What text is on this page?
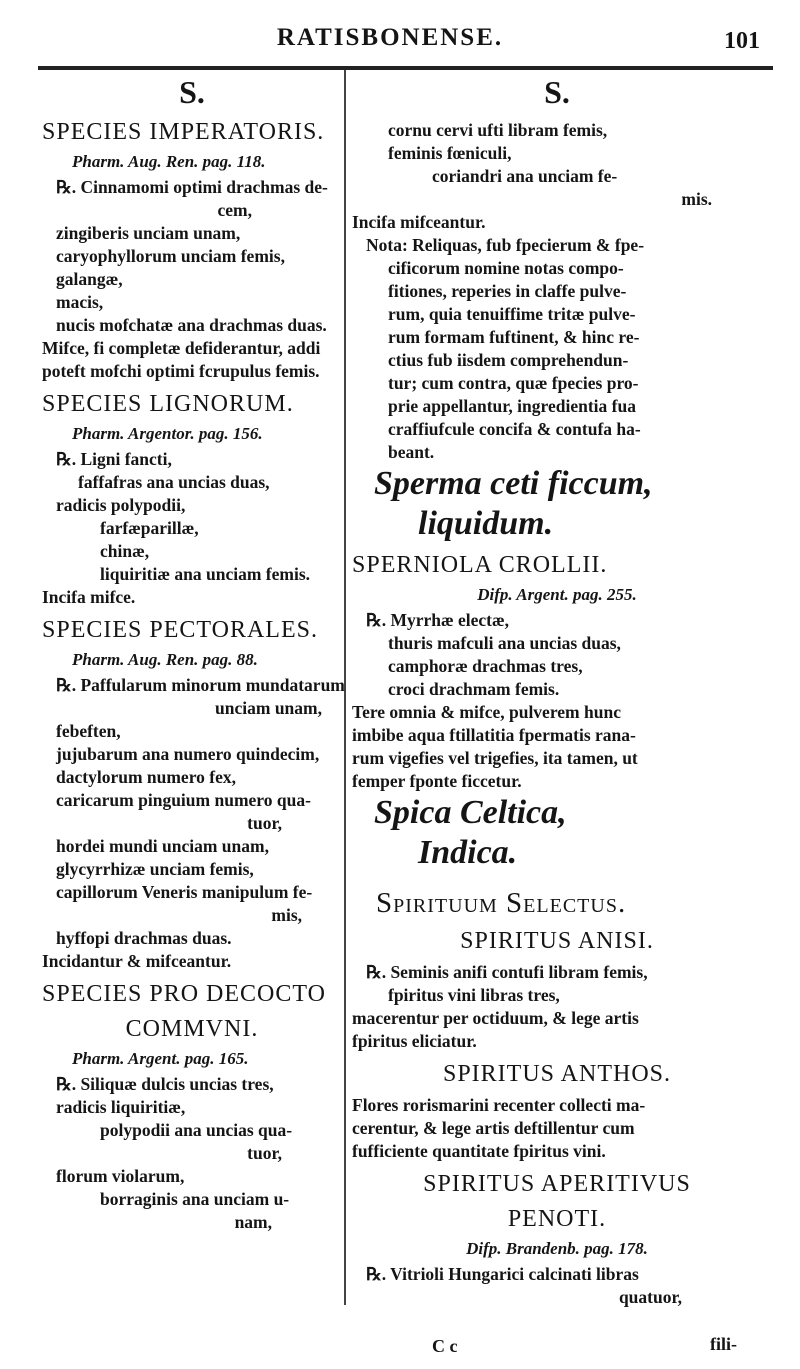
RATISBONENSE.	101
S.
SPECIES IMPERATORIS.
Pharm. Aug. Ren. pag. 118.
℞. Cinnamomi optimi drachmas de-
cem,
zingiberis unciam unam,
caryophyllorum unciam femis,
galangæ,
macis,
nucis mofchatæ ana drachmas duas.
Mifce, fi completæ defiderantur, addi
poteft mofchi optimi fcrupulus femis.
SPECIES LIGNORUM.
Pharm. Argentor. pag. 156.
℞. Ligni fancti,
faffafras ana uncias duas,
radicis polypodii,
farfæparillæ,
chinæ,
liquiritiæ ana unciam femis.
Incifa mifce.
SPECIES PECTORALES.
Pharm. Aug. Ren. pag. 88.
℞. Paffularum minorum mundatarum
unciam unam,
febeften,
jujubarum ana numero quindecim,
dactylorum numero fex,
caricarum pinguium numero qua-
tuor,
hordei mundi unciam unam,
glycyrrhizæ unciam femis,
capillorum Veneris manipulum fe-
mis,
hyffopi drachmas duas.
Incidantur & mifceantur.
SPECIES PRO DECOCTO
COMMVNI.
Pharm. Argent. pag. 165.
℞. Siliquæ dulcis uncias tres,
radicis liquiritiæ,
polypodii ana uncias qua-
tuor,
florum violarum,
borraginis ana unciam u-
nam,
S.
cornu cervi ufti libram femis,
feminis fœniculi,
coriandri ana unciam fe-
mis.
Incifa mifceantur.
Nota: Reliquas, fub fpecierum & fpe-
cificorum nomine notas compo-
fitiones, reperies in claffe pulve-
rum, quia tenuiffime tritæ pulve-
rum formam fuftinent, & hinc re-
ctius fub iisdem comprehendun-
tur; cum contra, quæ fpecies pro-
prie appellantur, ingredientia fua
craffiufcule concifa & contufa ha-
beant.
Sperma ceti ficcum,
liquidum.
SPERNIOLA CROLLII.
Difp. Argent. pag. 255.
℞. Myrrhæ electæ,
thuris mafculi ana uncias duas,
camphoræ drachmas tres,
croci drachmam femis.
Tere omnia & mifce, pulverem hunc
imbibe aqua ftillatitia fpermatis rana-
rum vigefies vel trigefies, ita tamen, ut
femper fponte ficcetur.
Spica Celtica,
Indica.
Spirituum Selectus.
SPIRITUS ANISI.
℞. Seminis anifi contufi libram femis,
fpiritus vini libras tres,
macerentur per octiduum, & lege artis
fpiritus eliciatur.
SPIRITUS ANTHOS.
Flores rorismarini recenter collecti ma-
cerentur, & lege artis deftillentur cum
fufficiente quantitate fpiritus vini.
SPIRITUS APERITIVUS
PENOTI.
Difp. Brandenb. pag. 178.
℞. Vitrioli Hungarici calcinati libras
quatuor,
C c	fili-
